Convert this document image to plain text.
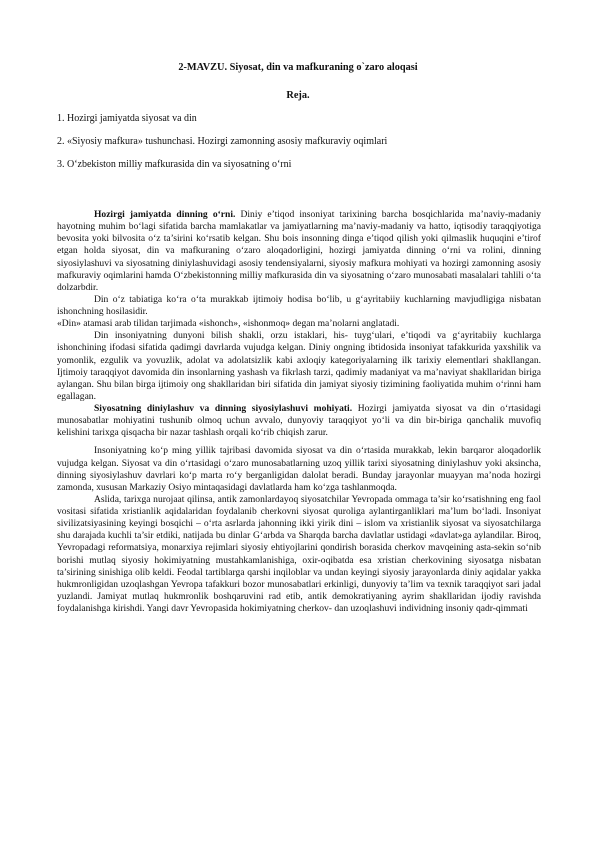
2-MAVZU. Siyosat, din va mafkuraning o`zaro aloqasi
Reja.
1. Hozirgi jamiyatda siyosat va din
2. «Siyosiy mafkura» tushunchasi. Hozirgi zamonning asosiy mafkuraviy oqimlari
3. O‘zbekiston milliy mafkurasida din va siyosatning o‘rni

Hozirgi jamiyatda dinning o‘rni. Diniy e’tiqod insoniyat tarixining barcha bosqichlarida ma’naviy-madaniy hayotning muhim bo‘lagi sifatida barcha mamlakatlar va jamiyatlarning ma’naviy-madaniy va hatto, iqtisodiy taraqqiyotiga bevosita yoki bilvosita o‘z ta’sirini ko‘rsatib kelgan. Shu bois insonning dinga e’tiqod qilish yoki qilmaslik huquqini e’tirof etgan holda siyosat, din va mafkuraning o‘zaro aloqadorligini, hozirgi jamiyatda dinning o‘rni va rolini, dinning siyosiylashuvi va siyosatning diniylashuvidagi asosiy tendensiyalarni, siyosiy mafkura mohiyati va hozirgi zamonning asosiy mafkuraviy oqimlarini hamda O‘zbekistonning milliy mafkurasida din va siyosatning o‘zaro munosabati masalalari tahlili o‘ta dolzarbdir.

Din o‘z tabiatiga ko‘ra o‘ta murakkab ijtimoiy hodisa bo‘lib, u g‘ayritabiiy kuchlarning mavjudligiga nisbatan ishonchning hosilasidir.

«Din» atamasi arab tilidan tarjimada «ishonch», «ishonmoq» degan ma’nolarni anglatadi.

Din insoniyatning dunyoni bilish shakli, orzu istaklari, his- tuyg‘ulari, e’tiqodi va g‘ayritabiiy kuchlarga ishonchining ifodasi sifatida qadimgi davrlarda vujudga kelgan. Diniy ongning ibtidosida insoniyat tafakkurida yaxshilik va yomonlik, ezgulik va yovuzlik, adolat va adolatsizlik kabi axloqiy kategoriyalarning ilk tarixiy elementlari shakllangan. Ijtimoiy taraqqiyot davomida din insonlarning yashash va fikrlash tarzi, qadimiy madaniyat va ma’naviyat shakllaridan biriga aylangan. Shu bilan birga ijtimoiy ong shakllaridan biri sifatida din jamiyat siyosiy tizimining faoliyatida muhim o‘rinni ham egallagan.

Siyosatning diniylashuv va dinning siyosiylashuvi mohiyati. Hozirgi jamiyatda siyosat va din o‘rtasidagi munosabatlar mohiyatini tushunib olmoq uchun avvalo, dunyoviy taraqqiyot yo‘li va din bir-biriga qanchalik muvofiq kelishini tarixga qisqacha bir nazar tashlash orqali ko‘rib chiqish zarur.

Insoniyatning ko‘p ming yillik tajribasi davomida siyosat va din o‘rtasida murakkab, lekin barqaror aloqadorlik vujudga kelgan. Siyosat va din o‘rtasidagi o‘zaro munosabatlarning uzoq yillik tarixi siyosatning diniylashuv yoki aksincha, dinning siyosiylashuv davrlari ko‘p marta ro‘y berganligidan dalolat beradi. Bunday jarayonlar muayyan ma’noda hozirgi zamonda, xususan Markaziy Osiyo mintaqasidagi davlatlarda ham ko‘zga tashlanmoqda.

Aslida, tarixga nurojaat qilinsa, antik zamonlardayoq siyosatchilar Yevropada ommaga ta’sir ko‘rsatishning eng faol vositasi sifatida xristianlik aqidalaridan foydalanib cherkovni siyosat quroliga aylantirganliklari ma’lum bo‘ladi. Insoniyat sivilizatsiyasining keyingi bosqichi – o‘rta asrlarda jahonning ikki yirik dini – islom va xristianlik siyosat va siyosatchilarga shu darajada kuchli ta’sir etdiki, natijada bu dinlar G‘arbda va Sharqda barcha davlatlar ustidagi «davlat»ga aylandilar. Biroq, Yevropadagi reformatsiya, monarxiya rejimlari siyosiy ehtiyojlarini qondirish borasida cherkov mavqeining asta-sekin so‘nib borishi mutlaq siyosiy hokimiyatning mustahkamlanishiga, oxir-oqibatda esa xristian cherkovining siyosatga nisbatan ta’sirining sinishiga olib keldi. Feodal tartiblarga qarshi inqiloblar va undan keyingi siyosiy jarayonlarda diniy aqidalar yakka hukmronligidan uzoqlashgan Yevropa tafakkuri bozor munosabatlari erkinligi, dunyoviy ta’lim va texnik taraqqiyot sari jadal yuzlandi. Jamiyat mutlaq hukmronlik boshqaruvini rad etib, antik demokratiyaning ayrim shakllaridan ijodiy ravishda foydalanishga kirishdi. Yangi davr Yevropasida hokimiyatning cherkov- dan uzoqlashuvi individning insoniy qadr-qimmati
